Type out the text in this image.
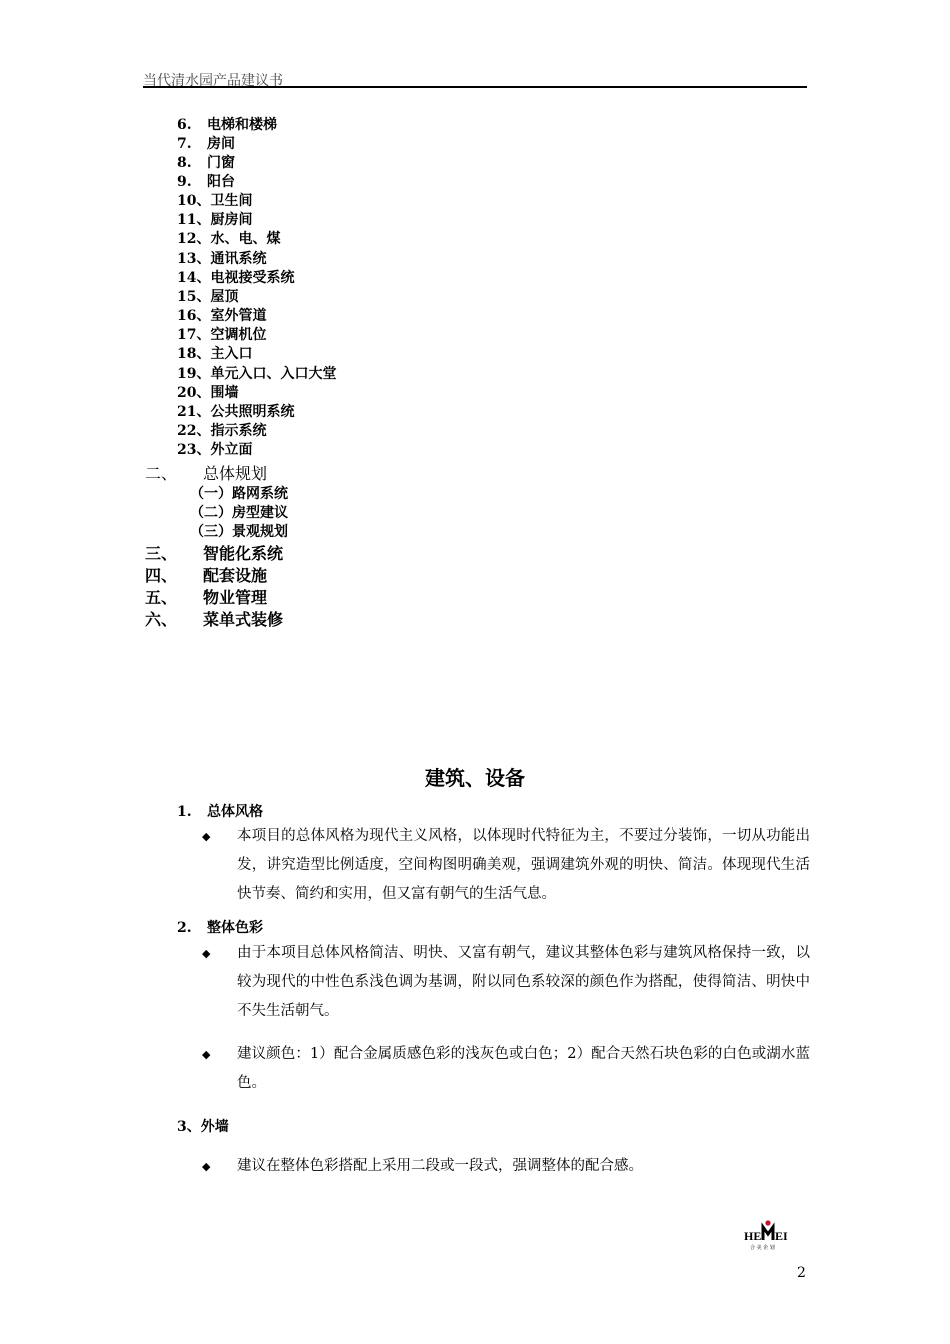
当代清水园产品建议书
6. 电梯和楼梯
7. 房间
8. 门窗
9. 阳台
10、卫生间
11、厨房间
12、水、电、煤
13、通讯系统
14、电视接受系统
15、屋顶
16、室外管道
17、空调机位
18、主入口
19、单元入口、入口大堂
20、围墙
21、公共照明系统
22、指示系统
23、外立面
二、 总体规划
（一）路网系统
（二）房型建议
（三）景观规划
三、 智能化系统
四、 配套设施
五、 物业管理
六、 菜单式装修
建筑、设备
1. 总体风格
◆ 本项目的总体风格为现代主义风格，以体现时代特征为主，不要过分装饰，一切从功能出发，讲究造型比例适度，空间构图明确美观，强调建筑外观的明快、简洁。体现现代生活快节奏、简约和实用，但又富有朝气的生活气息。
2. 整体色彩
◆ 由于本项目总体风格简洁、明快、又富有朝气，建议其整体色彩与建筑风格保持一致，以较为现代的中性色系浅色调为基调，附以同色系较深的颜色作为搭配，使得简洁、明快中不失生活朝气。
◆ 建议颜色：1）配合金属质感色彩的浅灰色或白色；2）配合天然石块色彩的白色或湖水蓝色。
3、外墙
◆ 建议在整体色彩搭配上采用二段或一段式，强调整体的配合感。
HE EI
合 美 企 划
2
